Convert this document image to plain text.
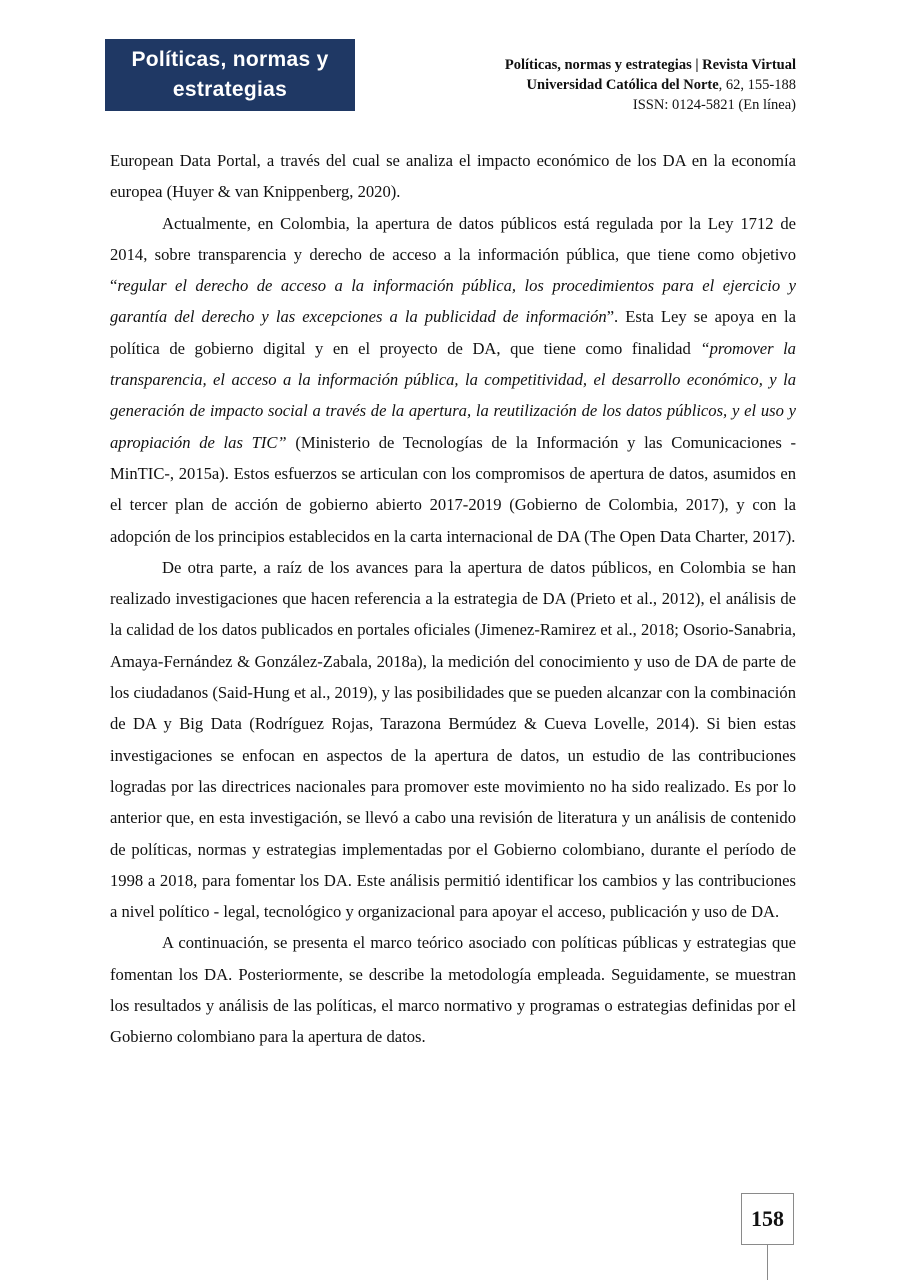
Políticas, normas y
estrategias
Políticas, normas y estrategias | Revista Virtual
Universidad Católica del Norte, 62, 155-188
ISSN: 0124-5821 (En línea)

European Data Portal, a través del cual se analiza el impacto económico de los DA en la economía europea (Huyer & van Knippenberg, 2020).

Actualmente, en Colombia, la apertura de datos públicos está regulada por la Ley 1712 de 2014, sobre transparencia y derecho de acceso a la información pública, que tiene como objetivo “regular el derecho de acceso a la información pública, los procedimientos para el ejercicio y garantía del derecho y las excepciones a la publicidad de información”. Esta Ley se apoya en la política de gobierno digital y en el proyecto de DA, que tiene como finalidad “promover la transparencia, el acceso a la información pública, la competitividad, el desarrollo económico, y la generación de impacto social a través de la apertura, la reutilización de los datos públicos, y el uso y apropiación de las TIC” (Ministerio de Tecnologías de la Información y las Comunicaciones -MinTIC-, 2015a). Estos esfuerzos se articulan con los compromisos de apertura de datos, asumidos en el tercer plan de acción de gobierno abierto 2017-2019 (Gobierno de Colombia, 2017), y con la adopción de los principios establecidos en la carta internacional de DA (The Open Data Charter, 2017).

De otra parte, a raíz de los avances para la apertura de datos públicos, en Colombia se han realizado investigaciones que hacen referencia a la estrategia de DA (Prieto et al., 2012), el análisis de la calidad de los datos publicados en portales oficiales (Jimenez-Ramirez et al., 2018; Osorio-Sanabria, Amaya-Fernández & González-Zabala, 2018a), la medición del conocimiento y uso de DA de parte de los ciudadanos (Said-Hung et al., 2019), y las posibilidades que se pueden alcanzar con la combinación de DA y Big Data (Rodríguez Rojas, Tarazona Bermúdez & Cueva Lovelle, 2014). Si bien estas investigaciones se enfocan en aspectos de la apertura de datos, un estudio de las contribuciones logradas por las directrices nacionales para promover este movimiento no ha sido realizado. Es por lo anterior que, en esta investigación, se llevó a cabo una revisión de literatura y un análisis de contenido de políticas, normas y estrategias implementadas por el Gobierno colombiano, durante el período de 1998 a 2018, para fomentar los DA. Este análisis permitió identificar los cambios y las contribuciones a nivel político - legal, tecnológico y organizacional para apoyar el acceso, publicación y uso de DA.

A continuación, se presenta el marco teórico asociado con políticas públicas y estrategias que fomentan los DA. Posteriormente, se describe la metodología empleada. Seguidamente, se muestran los resultados y análisis de las políticas, el marco normativo y programas o estrategias definidas por el Gobierno colombiano para la apertura de datos.

158
